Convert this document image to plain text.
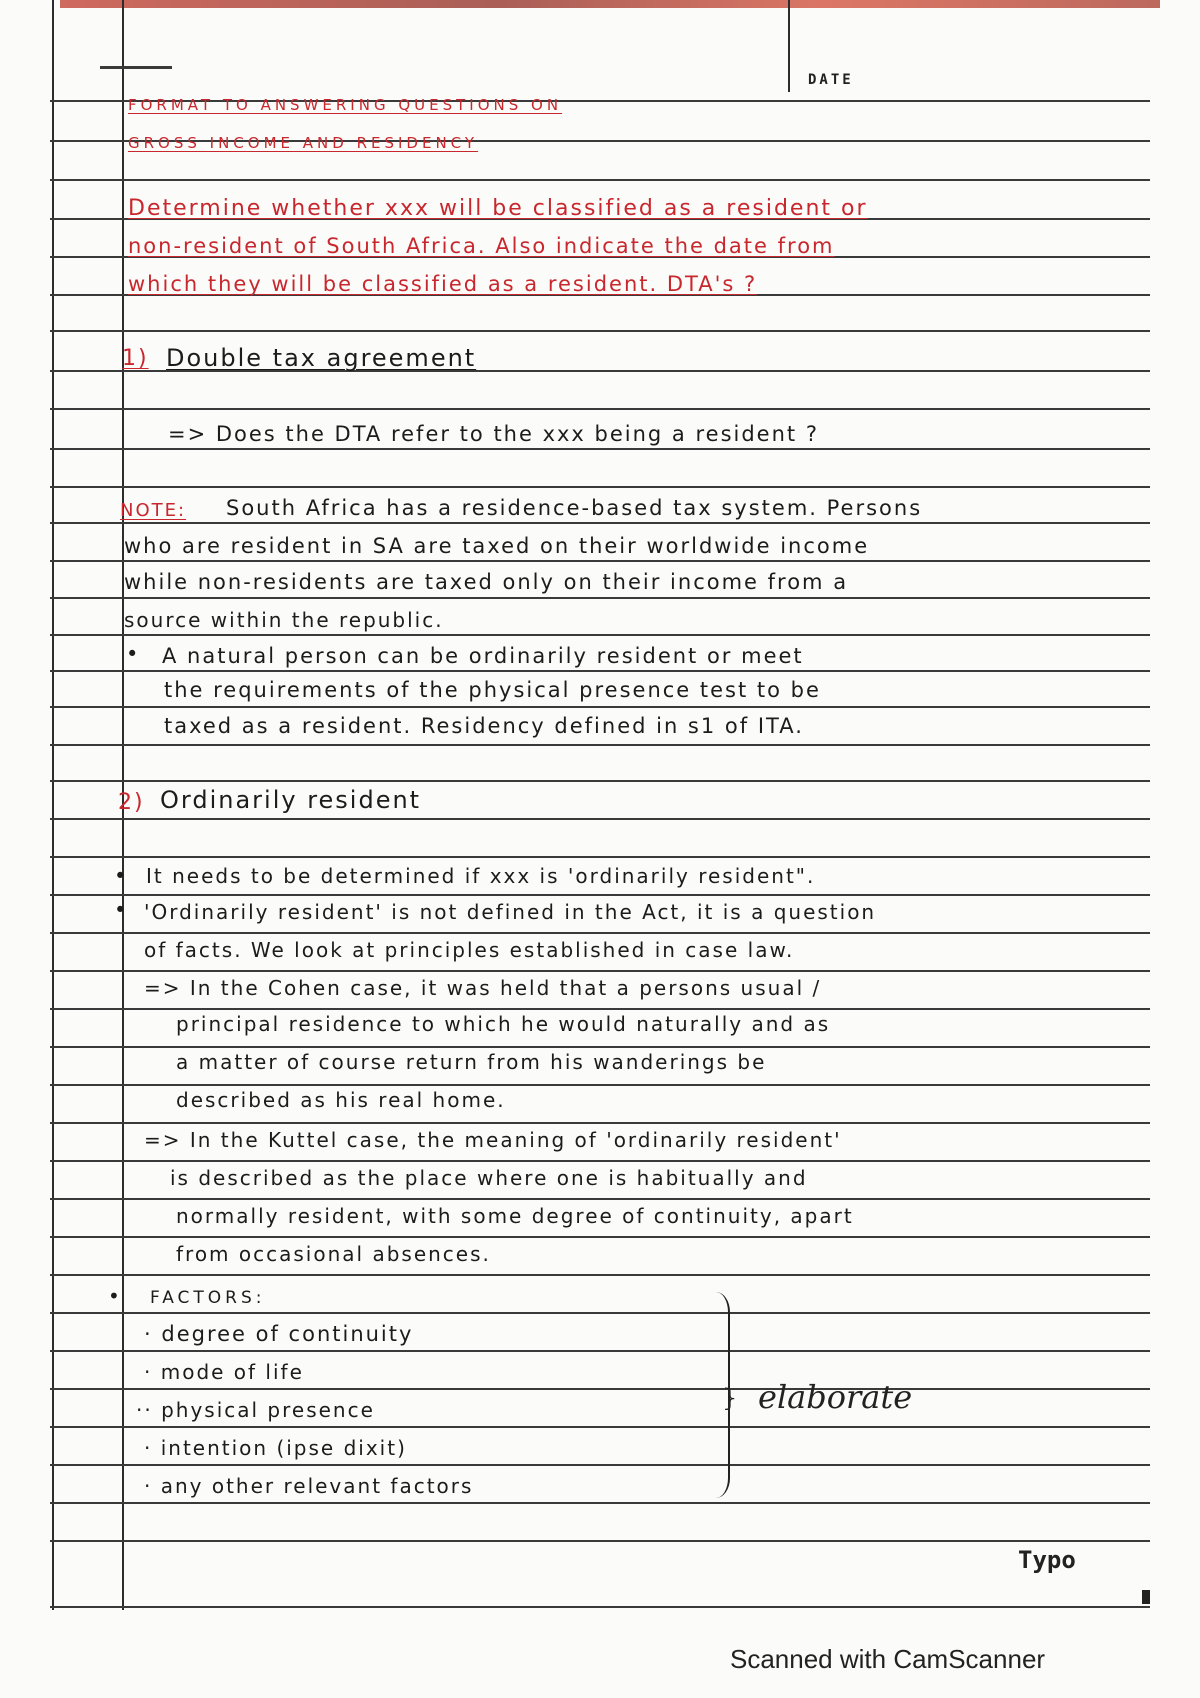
DATE
FORMAT TO ANSWERING QUESTIONS ON
GROSS INCOME AND RESIDENCY
Determine whether xxx will be classified as a resident or
non-resident of South Africa. Also indicate the date from
which they will be classified as a resident. DTA's ?
1) Double tax agreement
=> Does the DTA refer to the xxx being a resident ?
NOTE: South Africa has a residence-based tax system. Persons
who are resident in SA are taxed on their worldwide income
while non-residents are taxed only on their income from a
source within the republic.
• A natural person can be ordinarily resident or meet
the requirements of the physical presence test to be
taxed as a resident. Residency defined in s1 of ITA.
2) Ordinarily resident
• It needs to be determined if xxx is 'ordinarily resident".
• 'Ordinarily resident' is not defined in the Act, it is a question
of facts. We look at principles established in case law.
=> In the Cohen case, it was held that a persons usual /
principal residence to which he would naturally and as
a matter of course return from his wanderings be
described as his real home.
=> In the Kuttel case, the meaning of 'ordinarily resident'
is described as the place where one is habitually and
normally resident, with some degree of continuity, apart
from occasional absences.
• FACTORS:
· degree of continuity
· mode of life
·· physical presence
· intention (ipse dixit)
· any other relevant factors
} elaborate
Typo
Scanned with CamScanner
